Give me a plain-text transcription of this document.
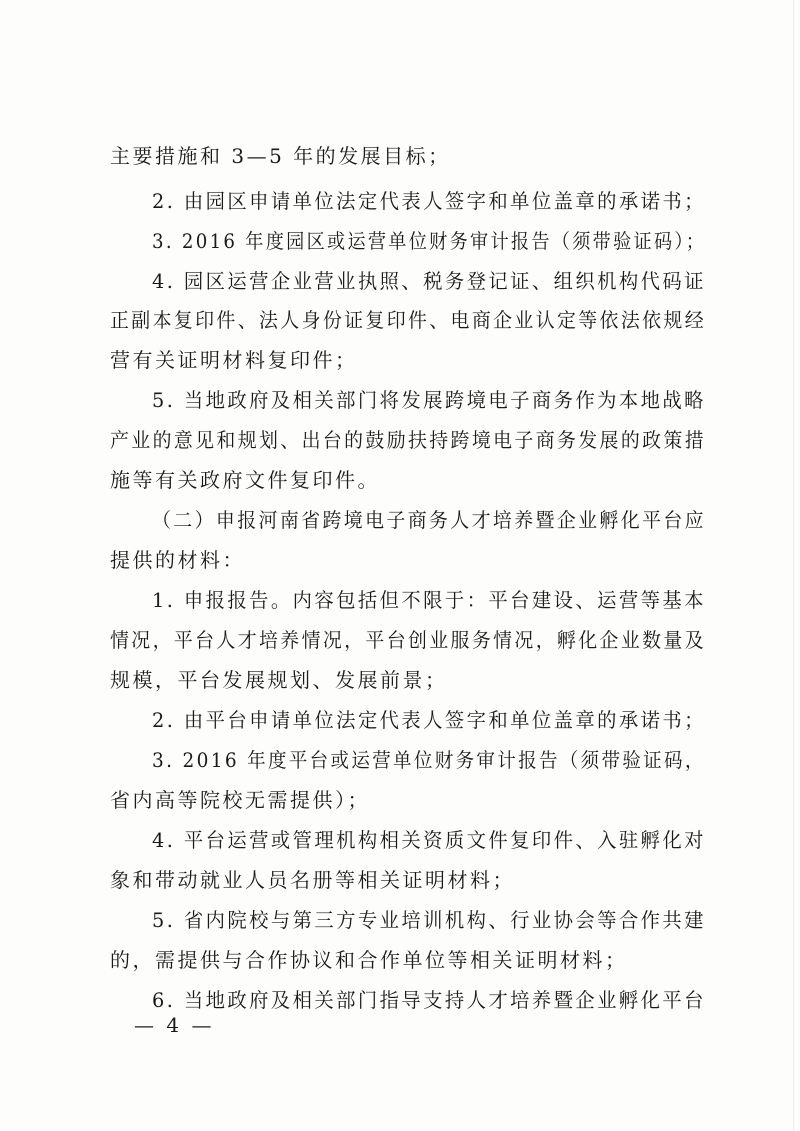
主要措施和 3—5 年的发展目标；
2. 由园区申请单位法定代表人签字和单位盖章的承诺书；
3. 2016 年度园区或运营单位财务审计报告（须带验证码）；
4. 园区运营企业营业执照、税务登记证、组织机构代码证
正副本复印件、法人身份证复印件、电商企业认定等依法依规经
营有关证明材料复印件；
5. 当地政府及相关部门将发展跨境电子商务作为本地战略
产业的意见和规划、出台的鼓励扶持跨境电子商务发展的政策措
施等有关政府文件复印件。
（二）申报河南省跨境电子商务人才培养暨企业孵化平台应
提供的材料：
1. 申报报告。内容包括但不限于：平台建设、运营等基本
情况，平台人才培养情况，平台创业服务情况，孵化企业数量及
规模，平台发展规划、发展前景；
2. 由平台申请单位法定代表人签字和单位盖章的承诺书；
3. 2016 年度平台或运营单位财务审计报告（须带验证码，
省内高等院校无需提供）；
4. 平台运营或管理机构相关资质文件复印件、入驻孵化对
象和带动就业人员名册等相关证明材料；
5. 省内院校与第三方专业培训机构、行业协会等合作共建
的，需提供与合作协议和合作单位等相关证明材料；
6. 当地政府及相关部门指导支持人才培养暨企业孵化平台
— 4 —
